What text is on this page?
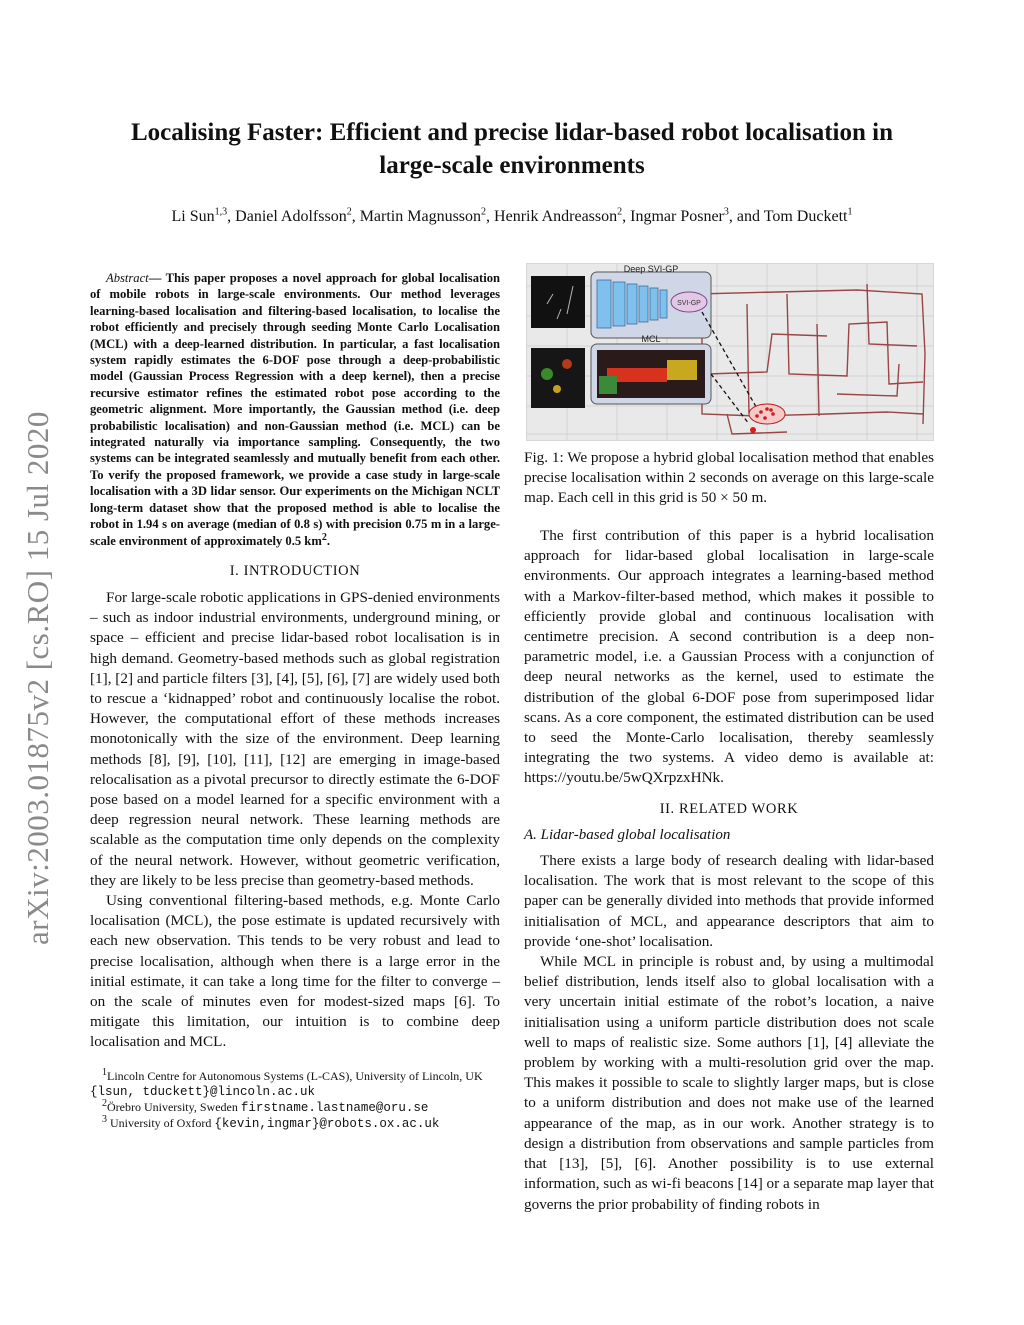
Localising Faster: Efficient and precise lidar-based robot localisation in
large-scale environments
Li Sun$^{1,3}$, Daniel Adolfsson$^2$, Martin Magnusson$^2$, Henrik Andreasson$^2$, Ingmar Posner$^3$, and Tom Duckett$^1$
arXiv:2003.01875v2 [cs.RO] 15 Jul 2020
Abstract— This paper proposes a novel approach for global localisation of mobile robots in large-scale environments. Our method leverages learning-based localisation and filtering-based localisation, to localise the robot efficiently and precisely through seeding Monte Carlo Localisation (MCL) with a deep-learned distribution. In particular, a fast localisation system rapidly estimates the 6-DOF pose through a deep-probabilistic model (Gaussian Process Regression with a deep kernel), then a precise recursive estimator refines the estimated robot pose according to the geometric alignment. More importantly, the Gaussian method (i.e. deep probabilistic localisation) and non-Gaussian method (i.e. MCL) can be integrated naturally via importance sampling. Consequently, the two systems can be integrated seamlessly and mutually benefit from each other. To verify the proposed framework, we provide a case study in large-scale localisation with a 3D lidar sensor. Our experiments on the Michigan NCLT long-term dataset show that the proposed method is able to localise the robot in 1.94 s on average (median of 0.8 s) with precision 0.75 m in a large-scale environment of approximately 0.5 $km^2$.
I. INTRODUCTION

For large-scale robotic applications in GPS-denied environments – such as indoor industrial environments, underground mining, or space – efficient and precise lidar-based robot localisation is in high demand. Geometry-based methods such as global registration [1], [2] and particle filters [3], [4], [5], [6], [7] are widely used both to rescue a ‘kidnapped’ robot and continuously localise the robot. However, the computational effort of these methods increases monotonically with the size of the environment. Deep learning methods [8], [9], [10], [11], [12] are emerging in image-based relocalisation as a pivotal precursor to directly estimate the 6-DOF pose based on a model learned for a specific environment with a deep regression neural network. These learning methods are scalable as the computation time only depends on the complexity of the neural network. However, without geometric verification, they are likely to be less precise than geometry-based methods.

Using conventional filtering-based methods, e.g. Monte Carlo localisation (MCL), the pose estimate is updated recursively with each new observation. This tends to be very robust and lead to precise localisation, although when there is a large error in the initial estimate, it can take a long time for the filter to converge – on the scale of minutes even for modest-sized maps [6]. To mitigate this limitation, our intuition is to combine deep localisation and MCL.

$^1$Lincoln Centre for Autonomous Systems (L-CAS), University of Lincoln, UK {lsun, tduckett}@lincoln.ac.uk
$^2$Örebro University, Sweden firstname.lastname@oru.se
$^3$ University of Oxford {kevin,ingmar}@robots.ox.ac.uk
Deep SVI-GP
SVI-GP
MCL
Fig. 1: We propose a hybrid global localisation method that enables precise localisation within 2 seconds on average on this large-scale map. Each cell in this grid is 50 × 50 m.

The first contribution of this paper is a hybrid localisation approach for lidar-based global localisation in large-scale environments. Our approach integrates a learning-based method with a Markov-filter-based method, which makes it possible to efficiently provide global and continuous localisation with centimetre precision. A second contribution is a deep non-parametric model, i.e. a Gaussian Process with a conjunction of deep neural networks as the kernel, used to estimate the distribution of the global 6-DOF pose from superimposed lidar scans. As a core component, the estimated distribution can be used to seed the Monte-Carlo localisation, thereby seamlessly integrating the two systems. A video demo is available at: https://youtu.be/5wQXrpzxHNk.

II. RELATED WORK
A. Lidar-based global localisation

There exists a large body of research dealing with lidar-based localisation. The work that is most relevant to the scope of this paper can be generally divided into methods that provide informed initialisation of MCL, and appearance descriptors that aim to provide ‘one-shot’ localisation.

While MCL in principle is robust and, by using a multimodal belief distribution, lends itself also to global localisation with a very uncertain initial estimate of the robot’s location, a naive initialisation using a uniform particle distribution does not scale well to maps of realistic size. Some authors [1], [4] alleviate the problem by working with a multi-resolution grid over the map. This makes it possible to scale to slightly larger maps, but is close to a uniform distribution and does not make use of the learned appearance of the map, as in our work. Another strategy is to design a distribution from observations and sample particles from that [13], [5], [6]. Another possibility is to use external information, such as wi-fi beacons [14] or a separate map layer that governs the prior probability of finding robots in
